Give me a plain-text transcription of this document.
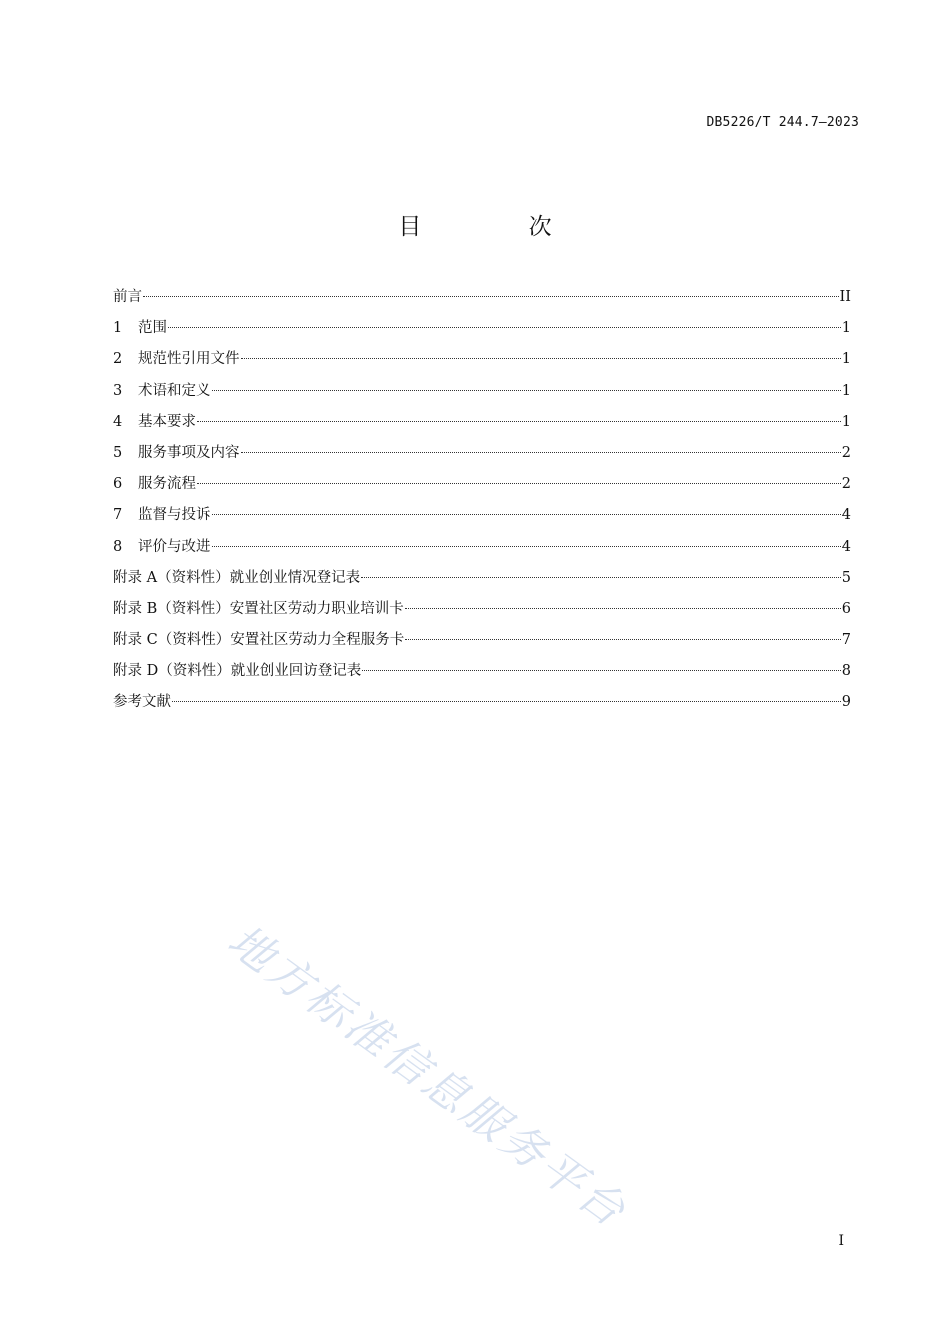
DB5226/T 244.7—2023
目 次
前言	II
1	范围	1
2	规范性引用文件	1
3	术语和定义	1
4	基本要求	1
5	服务事项及内容	2
6	服务流程	2
7	监督与投诉	4
8	评价与改进	4
附录 A（资料性）就业创业情况登记表	5
附录 B（资料性）安置社区劳动力职业培训卡	6
附录 C（资料性）安置社区劳动力全程服务卡	7
附录 D（资料性）就业创业回访登记表	8
参考文献	9
地方标准信息服务平台
I
